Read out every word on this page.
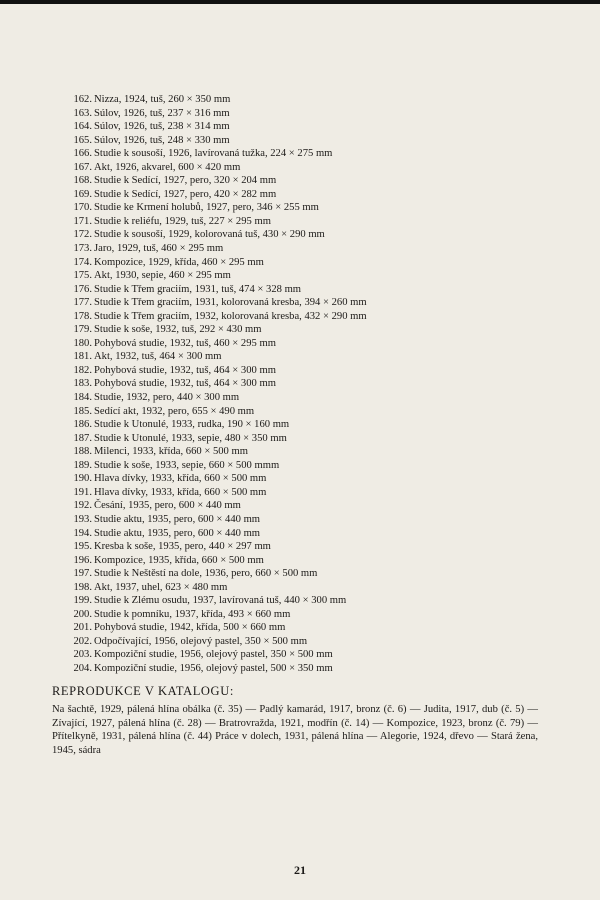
162. Nizza, 1924, tuš, 260 × 350 mm
163. Súlov, 1926, tuš, 237 × 316 mm
164. Súlov, 1926, tuš, 238 × 314 mm
165. Súlov, 1926, tuš, 248 × 330 mm
166. Studie k sousoší, 1926, lavírovaná tužka, 224 × 275 mm
167. Akt, 1926, akvarel, 600 × 420 mm
168. Studie k Sedící, 1927, pero, 320 × 204 mm
169. Studie k Sedící, 1927, pero, 420 × 282 mm
170. Studie ke Krmení holubů, 1927, pero, 346 × 255 mm
171. Studie k reliéfu, 1929, tuš, 227 × 295 mm
172. Studie k sousoší, 1929, kolorovaná tuš, 430 × 290 mm
173. Jaro, 1929, tuš, 460 × 295 mm
174. Kompozice, 1929, křída, 460 × 295 mm
175. Akt, 1930, sepie, 460 × 295 mm
176. Studie k Třem graciím, 1931, tuš, 474 × 328 mm
177. Studie k Třem graciím, 1931, kolorovaná kresba, 394 × 260 mm
178. Studie k Třem graciím, 1932, kolorovaná kresba, 432 × 290 mm
179. Studie k soše, 1932, tuš, 292 × 430 mm
180. Pohybová studie, 1932, tuš, 460 × 295 mm
181. Akt, 1932, tuš, 464 × 300 mm
182. Pohybová studie, 1932, tuš, 464 × 300 mm
183. Pohybová studie, 1932, tuš, 464 × 300 mm
184. Studie, 1932, pero, 440 × 300 mm
185. Sedící akt, 1932, pero, 655 × 490 mm
186. Studie k Utonulé, 1933, rudka, 190 × 160 mm
187. Studie k Utonulé, 1933, sepie, 480 × 350 mm
188. Milenci, 1933, křída, 660 × 500 mm
189. Studie k soše, 1933, sepie, 660 × 500 mmm
190. Hlava dívky, 1933, křída, 660 × 500 mm
191. Hlava dívky, 1933, křída, 660 × 500 mm
192. Česání, 1935, pero, 600 × 440 mm
193. Studie aktu, 1935, pero, 600 × 440 mm
194. Studie aktu, 1935, pero, 600 × 440 mm
195. Kresba k soše, 1935, pero, 440 × 297 mm
196. Kompozice, 1935, křída, 660 × 500 mm
197. Studie k Neštěstí na dole, 1936, pero, 660 × 500 mm
198. Akt, 1937, uhel, 623 × 480 mm
199. Studie k Zlému osudu, 1937, lavírovaná tuš, 440 × 300 mm
200. Studie k pomníku, 1937, křída, 493 × 660 mm
201. Pohybová studie, 1942, křída, 500 × 660 mm
202. Odpočívající, 1956, olejový pastel, 350 × 500 mm
203. Kompoziční studie, 1956, olejový pastel, 350 × 500 mm
204. Kompoziční studie, 1956, olejový pastel, 500 × 350 mm
REPRODUKCE V KATALOGU:

Na šachtě, 1929, pálená hlína obálka (č. 35) — Padlý kamarád, 1917, bronz (č. 6) — Judita, 1917, dub (č. 5) — Zívající, 1927, pálená hlína (č. 28) — Bratrovražda, 1921, modřín (č. 14) — Kompozice, 1923, bronz (č. 79) — Přítelkyně, 1931, pálená hlína (č. 44) Práce v dolech, 1931, pálená hlína — Alegorie, 1924, dřevo — Stará žena, 1945, sádra

21
